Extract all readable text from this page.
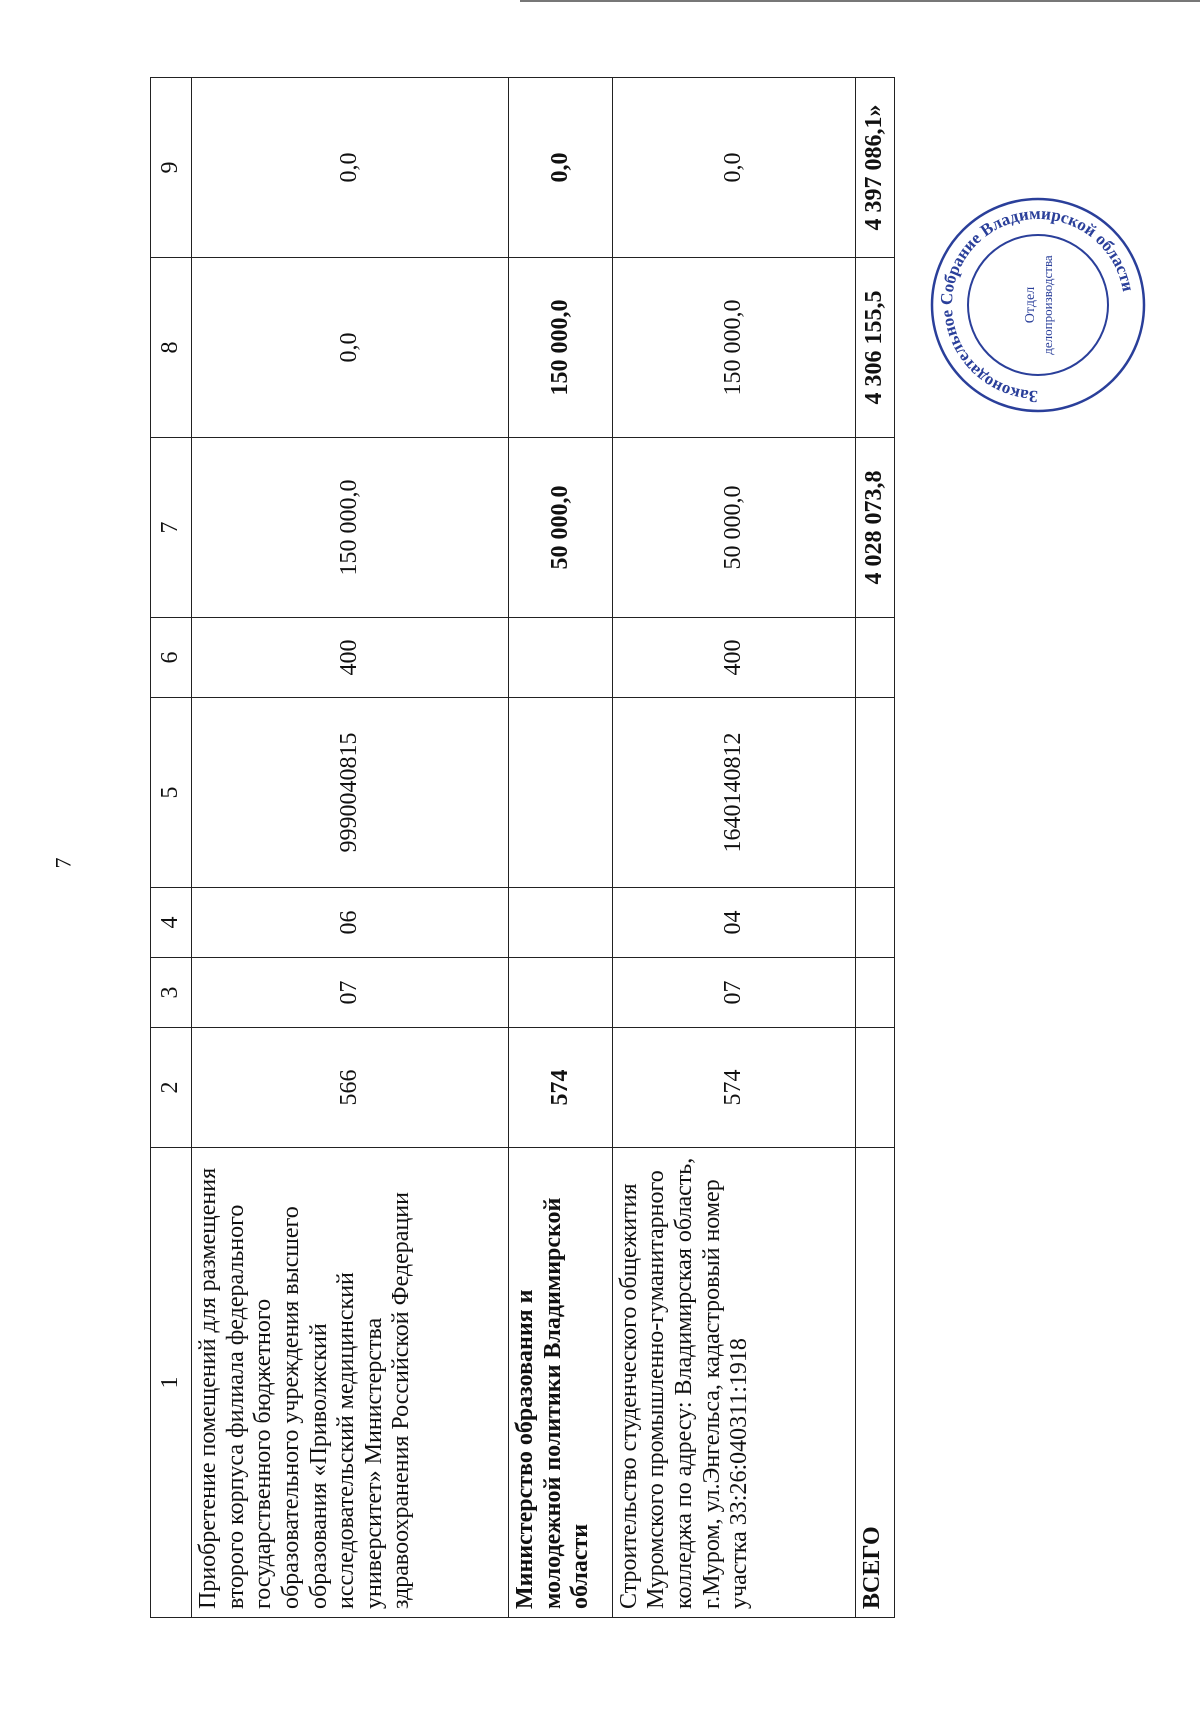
7
1	2	3	4	5	6	7	8	9
Приобретение помещений для размещения второго корпуса филиала федерального государственного бюджетного образовательного учреждения высшего образования «Приволжский исследовательский медицинский университет» Министерства здравоохранения Российской Федерации	566	07	06	9990040815	400	150 000,0	0,0	0,0
Министерство образования и молодежной политики Владимирской области	574					50 000,0	150 000,0	0,0
Строительство студенческого общежития Муромского промышленно-гуманитарного колледжа по адресу: Владимирская область, г.Муром, ул.Энгельса, кадастровый номер участка 33:26:040311:1918	574	07	04	1640140812	400	50 000,0	150 000,0	0,0
ВСЕГО						4 028 073,8	4 306 155,5	4 397 086,1»
Законодательное Собрание Владимирской области
Отдел делопроизводства
